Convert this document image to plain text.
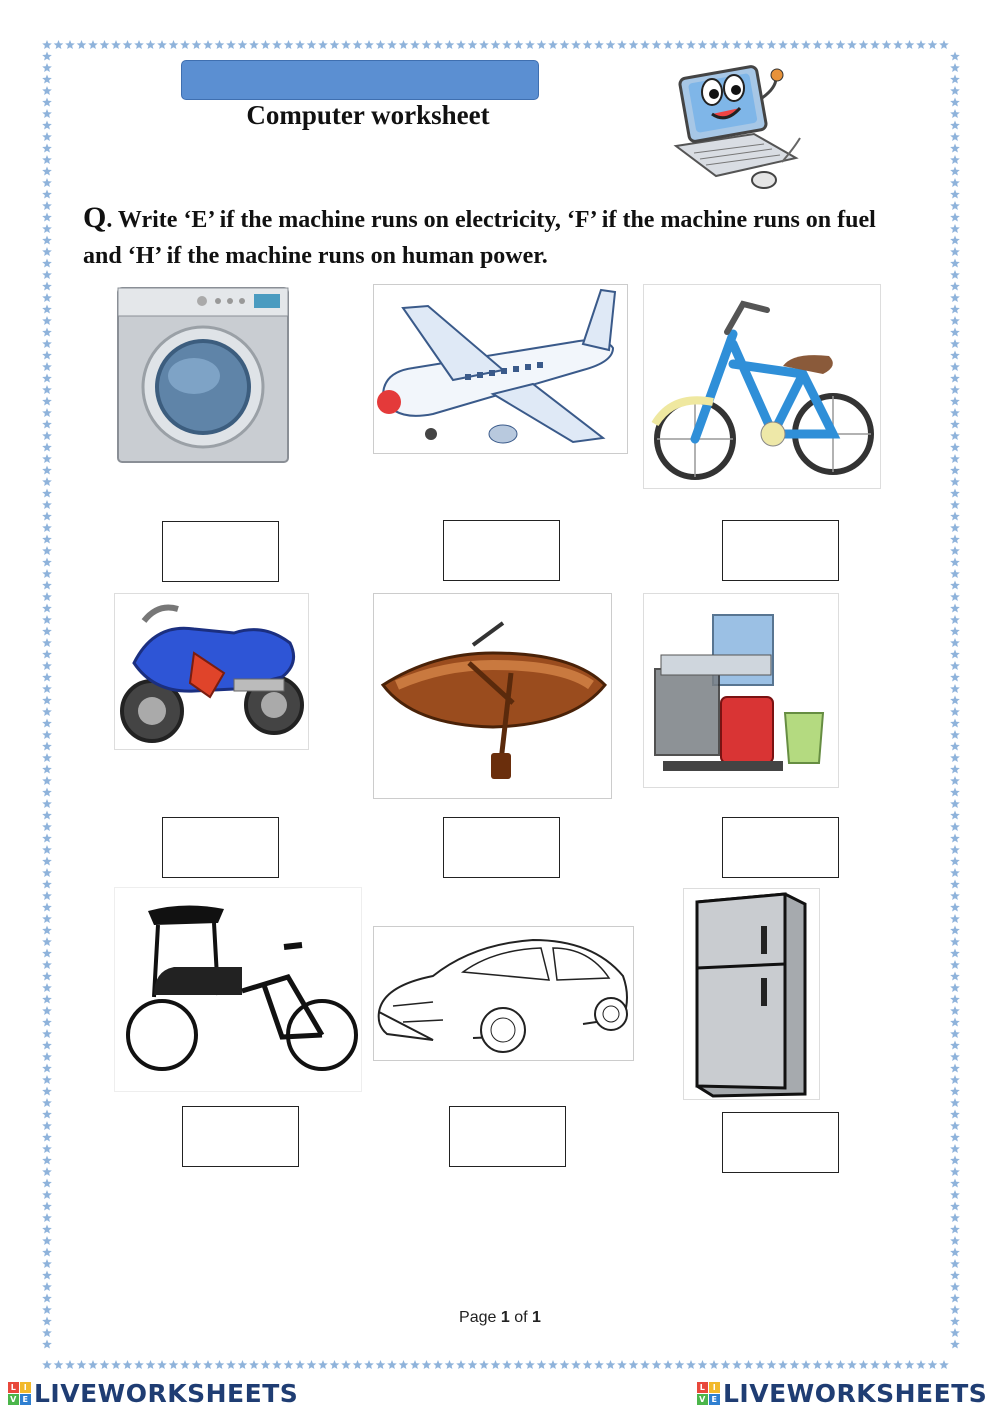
Computer worksheet
Q. Write ‘E’ if the machine runs on electricity, ‘F’ if the machine runs on fuel and ‘H’ if the machine runs on human power.
Page 1 of 1
L I
V E LIVEWORKSHEETS	L I
V E LIVEWORKSHEETS
